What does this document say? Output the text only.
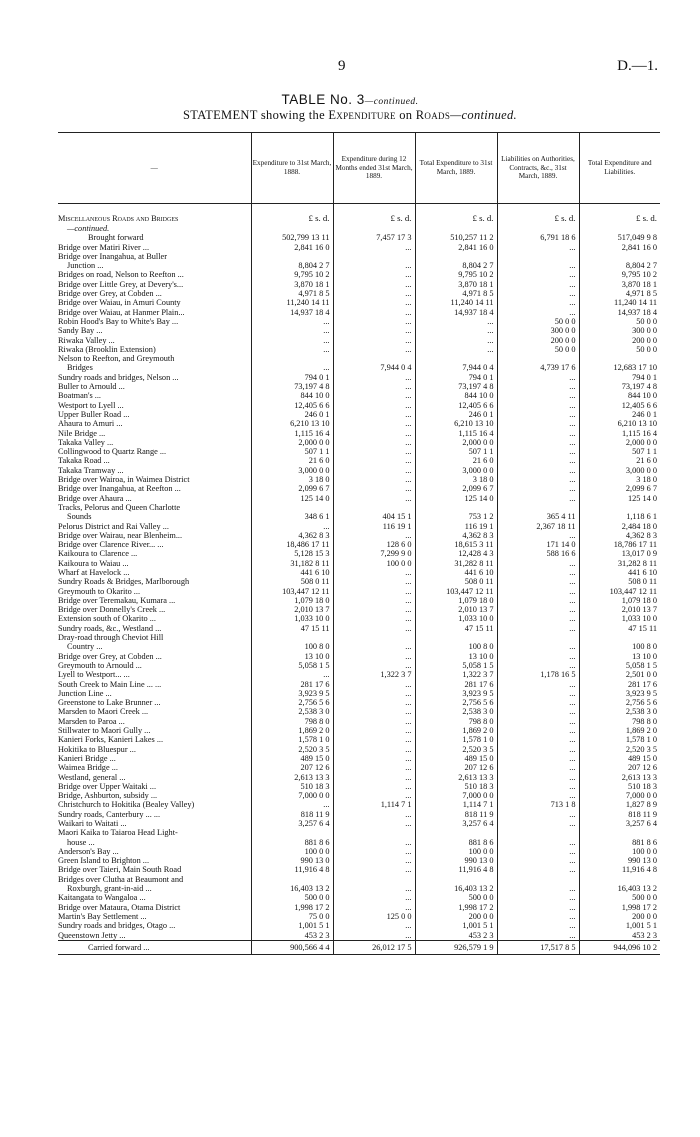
9	D.—1.
TABLE No. 3—continued.
STATEMENT showing the Expenditure on Roads—continued.
—	Expenditure to 31st March, 1888.	Expenditure during 12 Months ended 31st March, 1889.	Total Expenditure to 31st March, 1889.	Liabilities on Authorities, Contracts, &c., 31st March, 1889.	Total Expenditure and Liabilities.

Miscellaneous Roads and Bridges	£ s. d.	£ s. d.	£ s. d.	£ s. d.	£ s. d.
—continued.					
Brought forward	502,799 13 11	7,457 17 3	510,257 11 2	6,791 18 6	517,049 9 8
Bridge over Matiri River ...	2,841 16 0	...	2,841 16 0	...	2,841 16 0
Bridge over Inangahua, at Buller					
Junction ...	8,804 2 7	...	8,804 2 7	...	8,804 2 7
Bridges on road, Nelson to Reefton ...	9,795 10 2	...	9,795 10 2	...	9,795 10 2
Bridge over Little Grey, at Devery's...	3,870 18 1	...	3,870 18 1	...	3,870 18 1
Bridge over Grey, at Cobden ...	4,971 8 5	...	4,971 8 5	...	4,971 8 5
Bridge over Waiau, in Amuri County	11,240 14 11	...	11,240 14 11	...	11,240 14 11
Bridge over Waiau, at Hanmer Plain...	14,937 18 4	...	14,937 18 4	...	14,937 18 4
Robin Hood's Bay to White's Bay ...	...	...	...	50 0 0	50 0 0
Sandy Bay ...	...	...	...	300 0 0	300 0 0
Riwaka Valley ...	...	...	...	200 0 0	200 0 0
Riwaka (Brooklin Extension)	...	...	...	50 0 0	50 0 0
Nelson to Reefton, and Greymouth					
Bridges	...	7,944 0 4	7,944 0 4	4,739 17 6	12,683 17 10
Sundry roads and bridges, Nelson ...	794 0 1	...	794 0 1	...	794 0 1
Buller to Arnould ...	73,197 4 8	...	73,197 4 8	...	73,197 4 8
Boatman's ...	844 10 0	...	844 10 0	...	844 10 0
Westport to Lyell ...	12,405 6 6	...	12,405 6 6	...	12,405 6 6
Upper Buller Road ...	246 0 1	...	246 0 1	...	246 0 1
Ahaura to Amuri ...	6,210 13 10	...	6,210 13 10	...	6,210 13 10
Nile Bridge ...	1,115 16 4	...	1,115 16 4	...	1,115 16 4
Takaka Valley ...	2,000 0 0	...	2,000 0 0	...	2,000 0 0
Collingwood to Quartz Range ...	507 1 1	...	507 1 1	...	507 1 1
Takaka Road ...	21 6 0	...	21 6 0	...	21 6 0
Takaka Tramway ...	3,000 0 0	...	3,000 0 0	...	3,000 0 0
Bridge over Wairoa, in Waimea District	3 18 0	...	3 18 0	...	3 18 0
Bridge over Inangahua, at Reefton ...	2,099 6 7	...	2,099 6 7	...	2,099 6 7
Bridge over Ahaura ...	125 14 0	...	125 14 0	...	125 14 0
Tracks, Pelorus and Queen Charlotte					
Sounds	348 6 1	404 15 1	753 1 2	365 4 11	1,118 6 1
Pelorus District and Rai Valley ...	...	116 19 1	116 19 1	2,367 18 11	2,484 18 0
Bridge over Wairau, near Blenheim...	4,362 8 3	...	4,362 8 3	...	4,362 8 3
Bridge over Clarence River... ...	18,486 17 11	128 6 0	18,615 3 11	171 14 0	18,786 17 11
Kaikoura to Clarence ...	5,128 15 3	7,299 9 0	12,428 4 3	588 16 6	13,017 0 9
Kaikoura to Waiau ...	31,182 8 11	100 0 0	31,282 8 11	...	31,282 8 11
Wharf at Havelock ...	441 6 10	...	441 6 10	...	441 6 10
Sundry Roads & Bridges, Marlborough	508 0 11	...	508 0 11	...	508 0 11
Greymouth to Okarito ...	103,447 12 11	...	103,447 12 11	...	103,447 12 11
Bridge over Teremakau, Kumara ...	1,079 18 0	...	1,079 18 0	...	1,079 18 0
Bridge over Donnelly's Creek ...	2,010 13 7	...	2,010 13 7	...	2,010 13 7
Extension south of Okarito ...	1,033 10 0	...	1,033 10 0	...	1,033 10 0
Sundry roads, &c., Westland ...	47 15 11	...	47 15 11	...	47 15 11
Dray-road through Cheviot Hill					
Country ...	100 8 0	...	100 8 0	...	100 8 0
Bridge over Grey, at Cobden ...	13 10 0	...	13 10 0	...	13 10 0
Greymouth to Arnould ...	5,058 1 5	...	5,058 1 5	...	5,058 1 5
Lyell to Westport... ...	...	1,322 3 7	1,322 3 7	1,178 16 5	2,501 0 0
South Creek to Main Line ... ...	281 17 6	...	281 17 6	...	281 17 6
Junction Line ...	3,923 9 5	...	3,923 9 5	...	3,923 9 5
Greenstone to Lake Brunner ...	2,756 5 6	...	2,756 5 6	...	2,756 5 6
Marsden to Maori Creek ...	2,538 3 0	...	2,538 3 0	...	2,538 3 0
Marsden to Paroa ...	798 8 0	...	798 8 0	...	798 8 0
Stillwater to Maori Gully ...	1,869 2 0	...	1,869 2 0	...	1,869 2 0
Kanieri Forks, Kanieri Lakes ...	1,578 1 0	...	1,578 1 0	...	1,578 1 0
Hokitika to Bluespur ...	2,520 3 5	...	2,520 3 5	...	2,520 3 5
Kanieri Bridge ...	489 15 0	...	489 15 0	...	489 15 0
Waimea Bridge ...	207 12 6	...	207 12 6	...	207 12 6
Westland, general ...	2,613 13 3	...	2,613 13 3	...	2,613 13 3
Bridge over Upper Waitaki ...	510 18 3	...	510 18 3	...	510 18 3
Bridge, Ashburton, subsidy ...	7,000 0 0	...	7,000 0 0	...	7,000 0 0
Christchurch to Hokitika (Bealey Valley)	...	1,114 7 1	1,114 7 1	713 1 8	1,827 8 9
Sundry roads, Canterbury ... ...	818 11 9	...	818 11 9	...	818 11 9
Waikari to Waitati ...	3,257 6 4	...	3,257 6 4	...	3,257 6 4
Maori Kaika to Taiaroa Head Light-					
house ...	881 8 6	...	881 8 6	...	881 8 6
Anderson's Bay ...	100 0 0	...	100 0 0	...	100 0 0
Green Island to Brighton ...	990 13 0	...	990 13 0	...	990 13 0
Bridge over Taieri, Main South Road	11,916 4 8	...	11,916 4 8	...	11,916 4 8
Bridges over Clutha at Beaumont and					
Roxburgh, grant-in-aid ...	16,403 13 2	...	16,403 13 2	...	16,403 13 2
Kaitangata to Wangaloa ...	500 0 0	...	500 0 0	...	500 0 0
Bridge over Mataura, Otama District	1,998 17 2	...	1,998 17 2	...	1,998 17 2
Martin's Bay Settlement ...	75 0 0	125 0 0	200 0 0	...	200 0 0
Sundry roads and bridges, Otago ...	1,001 5 1	...	1,001 5 1	...	1,001 5 1
Queenstown Jetty ...	453 2 3	...	453 2 3	...	453 2 3
Carried forward ...	900,566 4 4	26,012 17 5	926,579 1 9	17,517 8 5	944,096 10 2
